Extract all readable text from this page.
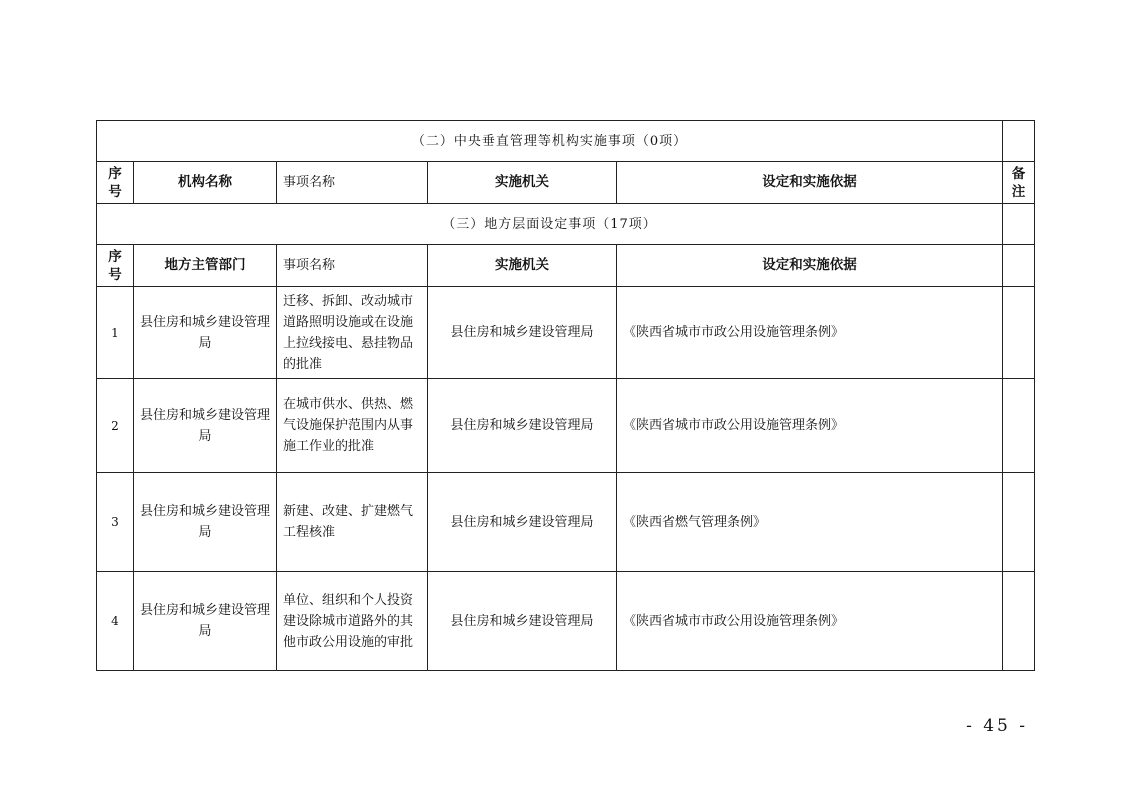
（二）中央垂直管理等机构实施事项（0项）					
序号	机构名称	事项名称	实施机关	设定和实施依据	备注
（三）地方层面设定事项（17项）					
序号	地方主管部门	事项名称	实施机关	设定和实施依据	
1	县住房和城乡建设管理局	迁移、拆卸、改动城市道路照明设施或在设施上拉线接电、悬挂物品的批准	县住房和城乡建设管理局	《陕西省城市市政公用设施管理条例》	
2	县住房和城乡建设管理局	在城市供水、供热、燃气设施保护范围内从事施工作业的批准	县住房和城乡建设管理局	《陕西省城市市政公用设施管理条例》	
3	县住房和城乡建设管理局	新建、改建、扩建燃气工程核准	县住房和城乡建设管理局	《陕西省燃气管理条例》	
4	县住房和城乡建设管理局	单位、组织和个人投资建设除城市道路外的其他市政公用设施的审批	县住房和城乡建设管理局	《陕西省城市市政公用设施管理条例》	
- 45 -
